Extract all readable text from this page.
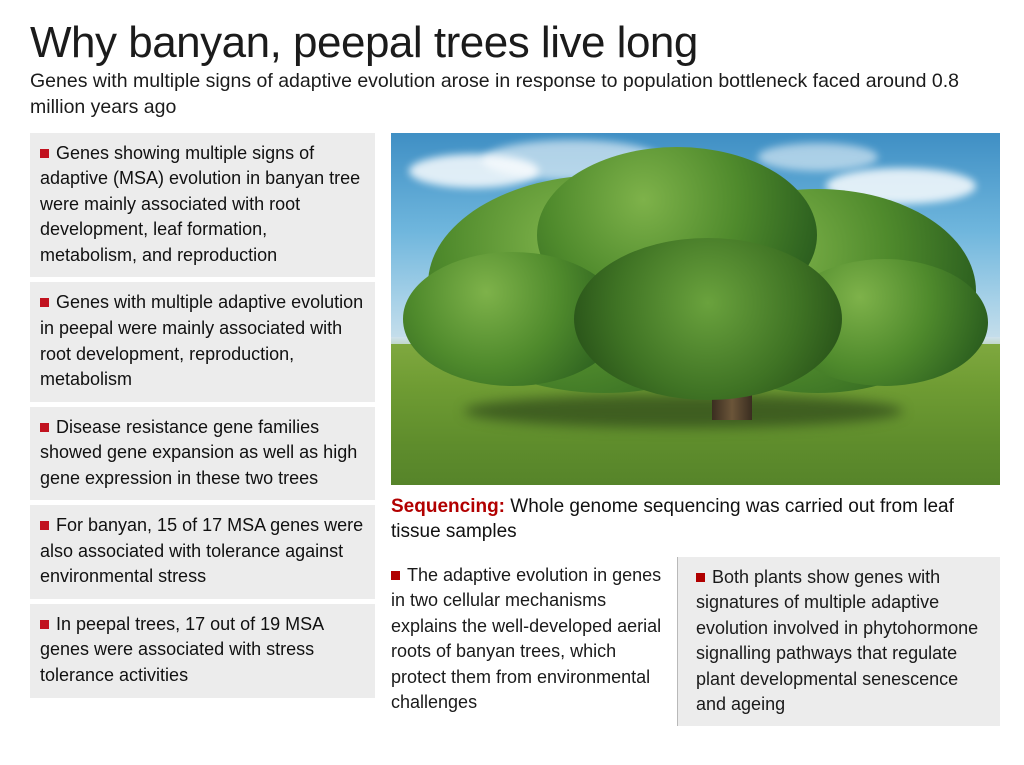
Why banyan, peepal trees live long

Genes with multiple signs of adaptive evolution arose in response to population bottleneck faced around 0.8 million years ago

Genes showing multiple signs of adaptive (MSA) evolution in banyan tree were mainly associated with root development, leaf formation, metabolism, and reproduction
Genes with multiple adaptive evolution in peepal were mainly associated with root development, reproduction, metabolism
Disease resistance gene families showed gene expansion as well as high gene expression in these two trees
For banyan, 15 of 17 MSA genes were also associated with tolerance against environmental stress
In peepal trees, 17 out of 19 MSA genes were associated with stress tolerance activities
Sequencing: Whole genome sequencing was carried out from leaf tissue samples
The adaptive evolution in genes in two cellular mechanisms explains the well-developed aerial roots of banyan trees, which protect them from environmental challenges
Both plants show genes with signatures of multiple adaptive evolution involved in phytohormone signalling pathways that regulate plant developmental senescence and ageing
